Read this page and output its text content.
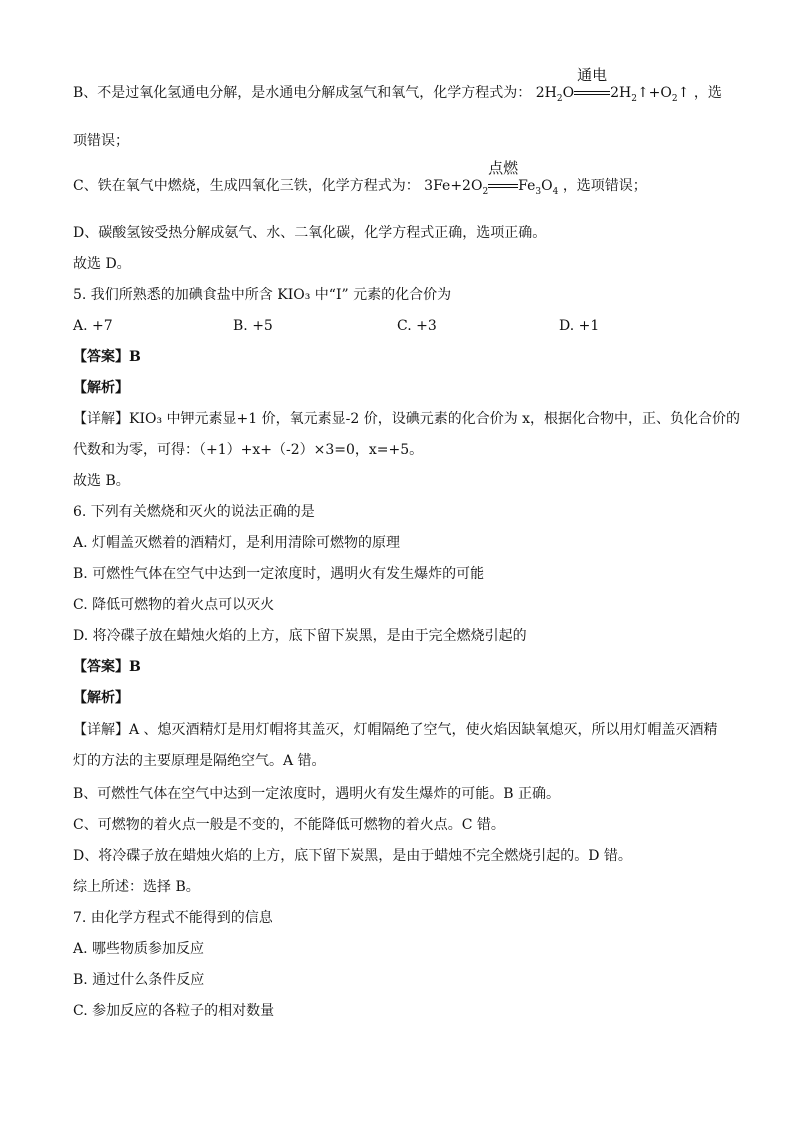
B、不是过氧化氢通电分解，是水通电分解成氢气和氧气，化学方程式为： $2H_2O$
通电
$2H_2↑+O_2↑$ ，选
项错误；
C、铁在氧气中燃烧，生成四氧化三铁，化学方程式为： $3Fe+2O_2$
点燃
$Fe_3O_4$ ，选项错误；
D、碳酸氢铵受热分解成氨气、水、二氧化碳，化学方程式正确，选项正确。
故选 D。
5. 我们所熟悉的加碘食盐中所含 KIO₃ 中“I” 元素的化合价为
A. +7	B. +5	C. +3	D. +1
【答案】B
【解析】
【详解】KIO₃ 中钾元素显+1 价，氧元素显-2 价，设碘元素的化合价为 x，根据化合物中，正、负化合价的
代数和为零，可得：（+1）+x+（-2）×3=0，x=+5。
故选 B。
6. 下列有关燃烧和灭火的说法正确的是
A. 灯帽盖灭燃着的酒精灯，是利用清除可燃物的原理
B. 可燃性气体在空气中达到一定浓度时，遇明火有发生爆炸的可能
C. 降低可燃物的着火点可以灭火
D. 将冷碟子放在蜡烛火焰的上方，底下留下炭黑，是由于完全燃烧引起的
【答案】B
【解析】
【详解】A 、熄灭酒精灯是用灯帽将其盖灭，灯帽隔绝了空气，使火焰因缺氧熄灭，所以用灯帽盖灭酒精
灯的方法的主要原理是隔绝空气。A 错。
B、可燃性气体在空气中达到一定浓度时，遇明火有发生爆炸的可能。B 正确。
C、可燃物的着火点一般是不变的，不能降低可燃物的着火点。C 错。
D、将冷碟子放在蜡烛火焰的上方，底下留下炭黑，是由于蜡烛不完全燃烧引起的。D 错。
综上所述：选择 B。
7. 由化学方程式不能得到的信息
A. 哪些物质参加反应
B. 通过什么条件反应
C. 参加反应的各粒子的相对数量
